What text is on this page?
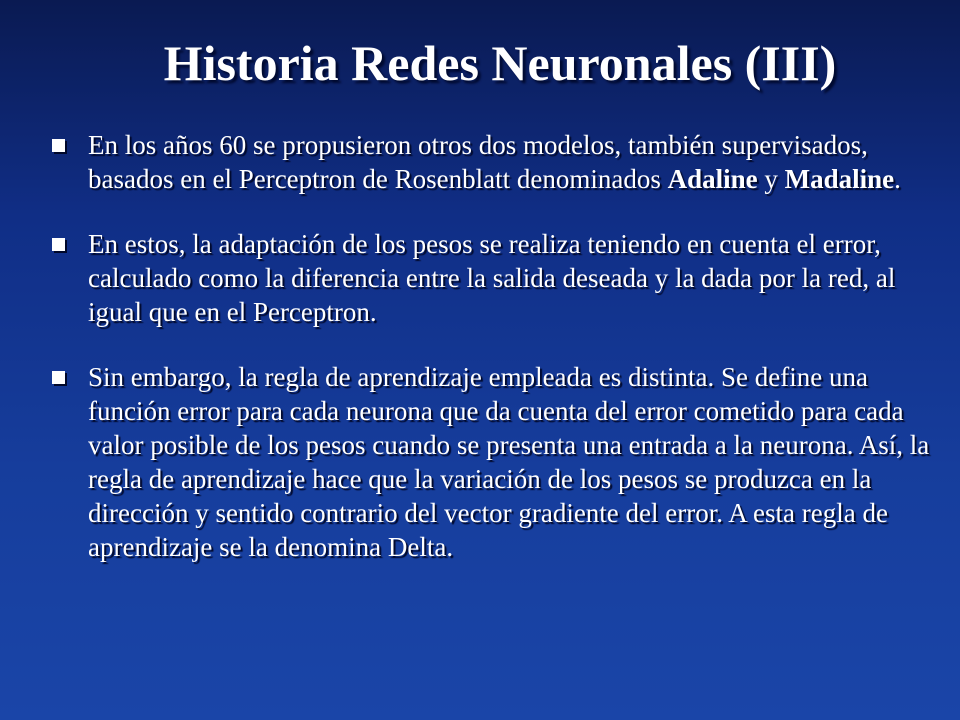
Historia Redes Neuronales (III)
En los años 60 se propusieron otros dos modelos, también supervisados, basados en el Perceptron de Rosenblatt denominados Adaline y Madaline.
En estos, la adaptación de los pesos se realiza teniendo en cuenta el error, calculado como la diferencia entre la salida deseada y la dada por la red, al igual que en el Perceptron.
Sin embargo, la regla de aprendizaje empleada es distinta. Se define una función error para cada neurona que da cuenta del error cometido para cada valor posible de los pesos cuando se presenta una entrada a la neurona. Así, la regla de aprendizaje hace que la variación de los pesos se produzca en la dirección y sentido contrario del vector gradiente del error. A esta regla de aprendizaje se la denomina Delta.
